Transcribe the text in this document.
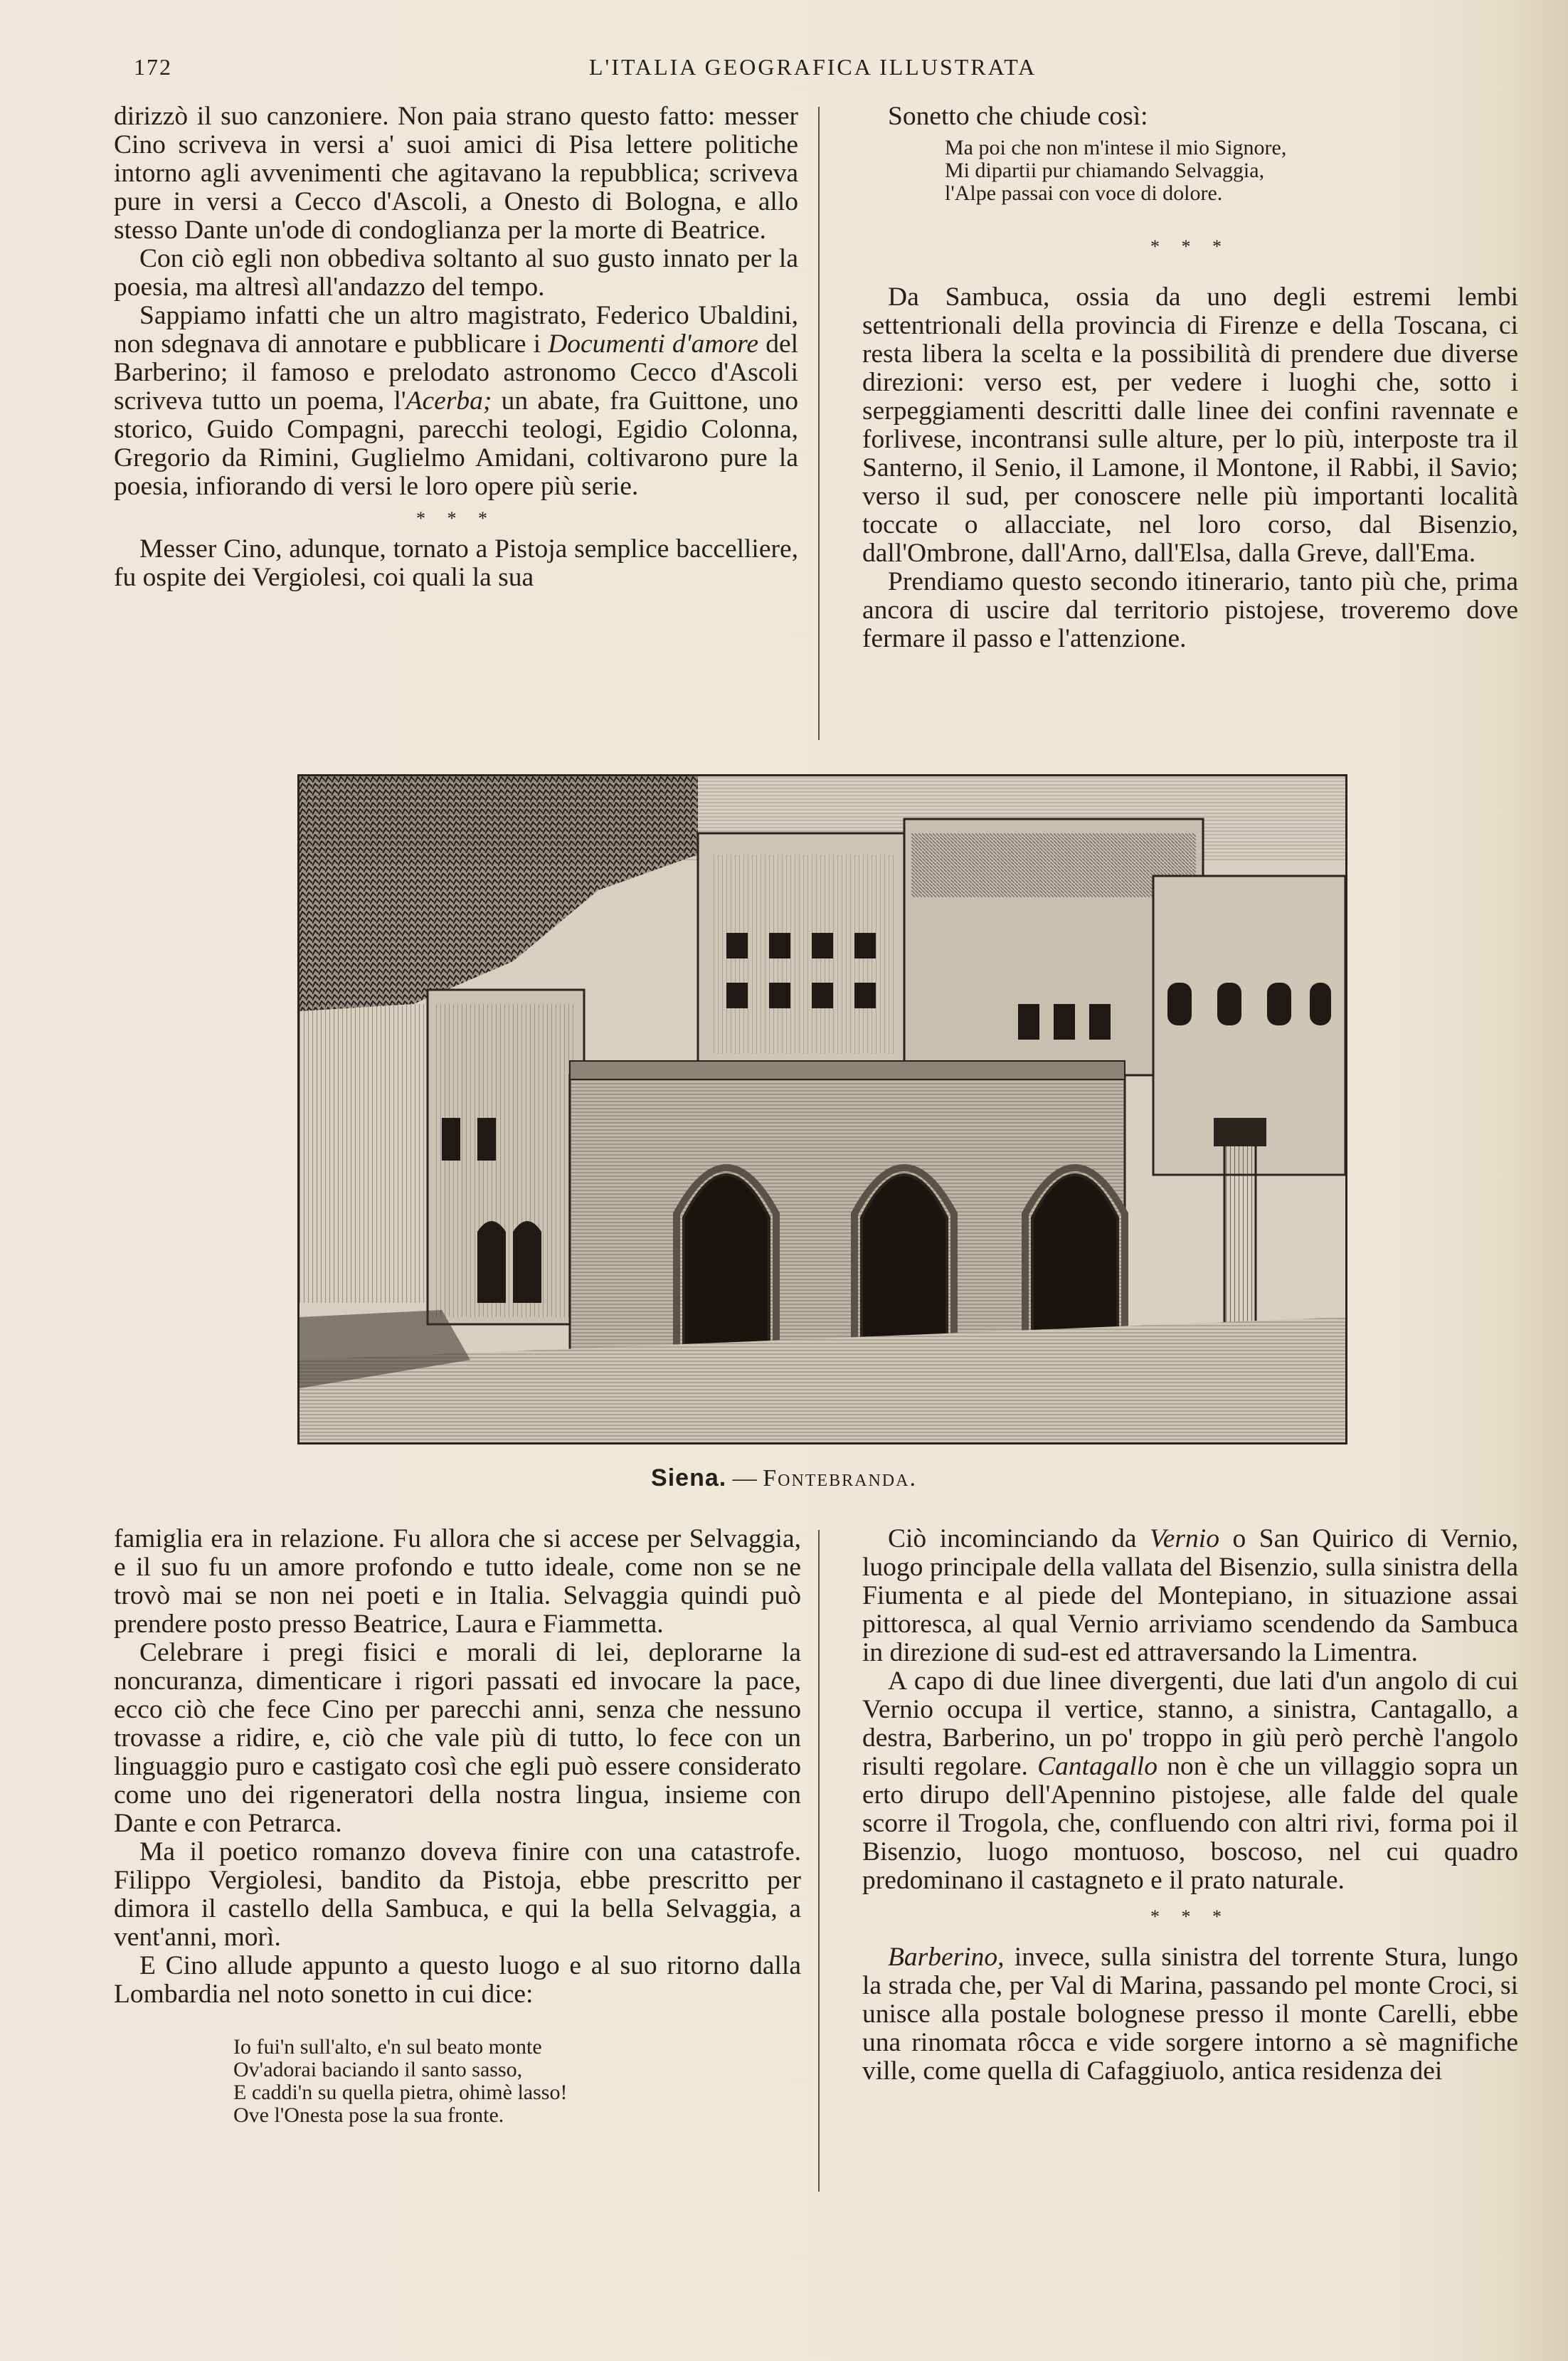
172	L'ITALIA GEOGRAFICA ILLUSTRATA

dirizzò il suo canzoniere. Non paia strano questo fatto: messer Cino scriveva in versi a' suoi amici di Pisa lettere politiche intorno agli avvenimenti che agitavano la repubblica; scriveva pure in versi a Cecco d'Ascoli, a Onesto di Bologna, e allo stesso Dante un'ode di condoglianza per la morte di Beatrice.

Con ciò egli non obbediva soltanto al suo gusto innato per la poesia, ma altresì all'andazzo del tempo.

Sappiamo infatti che un altro magistrato, Federico Ubaldini, non sdegnava di annotare e pubblicare i Documenti d'amore del Barberino; il famoso e prelodato astronomo Cecco d'Ascoli scriveva tutto un poema, l'Acerba; un abate, fra Guittone, uno storico, Guido Compagni, parecchi teologi, Egidio Colonna, Gregorio da Rimini, Guglielmo Amidani, coltivarono pure la poesia, infiorando di versi le loro opere più serie.

* * *

Messer Cino, adunque, tornato a Pistoja semplice baccelliere, fu ospite dei Vergiolesi, coi quali la sua

Sonetto che chiude così:

Ma poi che non m'intese il mio Signore,
Mi dipartii pur chiamando Selvaggia,
l'Alpe passai con voce di dolore.
* * *

Da Sambuca, ossia da uno degli estremi lembi settentrionali della provincia di Firenze e della Toscana, ci resta libera la scelta e la possibilità di prendere due diverse direzioni: verso est, per vedere i luoghi che, sotto i serpeggiamenti descritti dalle linee dei confini ravennate e forlivese, incontransi sulle alture, per lo più, interposte tra il Santerno, il Senio, il Lamone, il Montone, il Rabbi, il Savio; verso il sud, per conoscere nelle più importanti località toccate o allacciate, nel loro corso, dal Bisenzio, dall'Ombrone, dall'Arno, dall'Elsa, dalla Greve, dall'Ema.

Prendiamo questo secondo itinerario, tanto più che, prima ancora di uscire dal territorio pistojese, troveremo dove fermare il passo e l'attenzione.

Siena. — Fontebranda.

famiglia era in relazione. Fu allora che si accese per Selvaggia, e il suo fu un amore profondo e tutto ideale, come non se ne trovò mai se non nei poeti e in Italia. Selvaggia quindi può prendere posto presso Beatrice, Laura e Fiammetta.

Celebrare i pregi fisici e morali di lei, deplorarne la noncuranza, dimenticare i rigori passati ed invocare la pace, ecco ciò che fece Cino per parecchi anni, senza che nessuno trovasse a ridire, e, ciò che vale più di tutto, lo fece con un linguaggio puro e castigato così che egli può essere considerato come uno dei rigeneratori della nostra lingua, insieme con Dante e con Petrarca.

Ma il poetico romanzo doveva finire con una catastrofe. Filippo Vergiolesi, bandito da Pistoja, ebbe prescritto per dimora il castello della Sambuca, e qui la bella Selvaggia, a vent'anni, morì.

E Cino allude appunto a questo luogo e al suo ritorno dalla Lombardia nel noto sonetto in cui dice:

Io fui'n sull'alto, e'n sul beato monte
Ov'adorai baciando il santo sasso,
E caddi'n su quella pietra, ohimè lasso!
Ove l'Onesta pose la sua fronte.

Ciò incominciando da Vernio o San Quirico di Vernio, luogo principale della vallata del Bisenzio, sulla sinistra della Fiumenta e al piede del Montepiano, in situazione assai pittoresca, al qual Vernio arriviamo scendendo da Sambuca in direzione di sud-est ed attraversando la Limentra.

A capo di due linee divergenti, due lati d'un angolo di cui Vernio occupa il vertice, stanno, a sinistra, Cantagallo, a destra, Barberino, un po' troppo in giù però perchè l'angolo risulti regolare. Cantagallo non è che un villaggio sopra un erto dirupo dell'Apennino pistojese, alle falde del quale scorre il Trogola, che, confluendo con altri rivi, forma poi il Bisenzio, luogo montuoso, boscoso, nel cui quadro predominano il castagneto e il prato naturale.

* * *

Barberino, invece, sulla sinistra del torrente Stura, lungo la strada che, per Val di Marina, passando pel monte Croci, si unisce alla postale bolognese presso il monte Carelli, ebbe una rinomata rôcca e vide sorgere intorno a sè magnifiche ville, come quella di Cafaggiuolo, antica residenza dei
